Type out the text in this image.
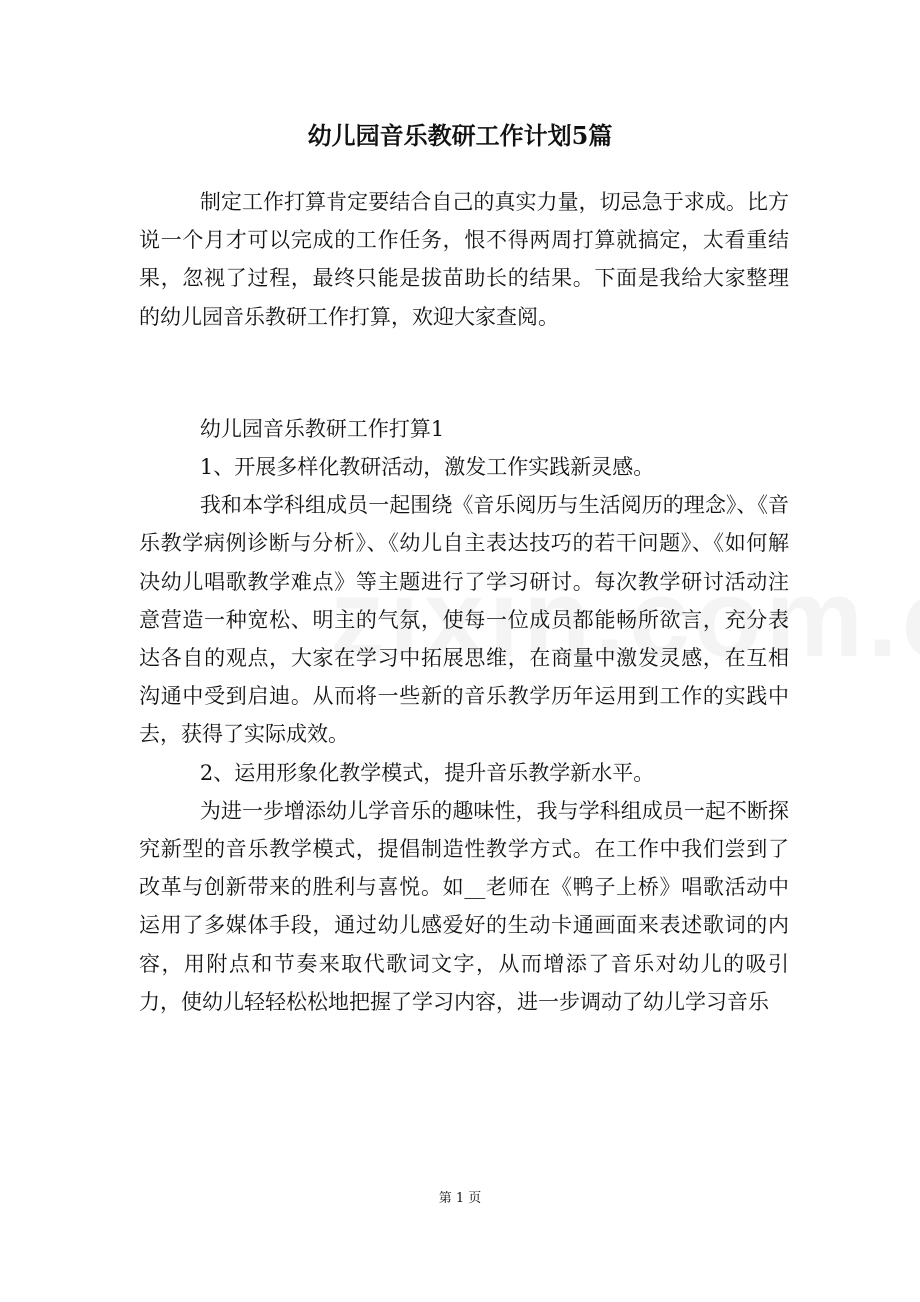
幼儿园音乐教研工作计划5篇

制定工作打算肯定要结合自己的真实力量，切忌急于求成。比方说一个月才可以完成的工作任务，恨不得两周打算就搞定，太看重结果，忽视了过程，最终只能是拔苗助长的结果。下面是我给大家整理的幼儿园音乐教研工作打算，欢迎大家查阅。

幼儿园音乐教研工作打算1

1、开展多样化教研活动，激发工作实践新灵感。

我和本学科组成员一起围绕《音乐阅历与生活阅历的理念》、《音乐教学病例诊断与分析》、《幼儿自主表达技巧的若干问题》、《如何解决幼儿唱歌教学难点》等主题进行了学习研讨。每次教学研讨活动注意营造一种宽松、明主的气氛，使每一位成员都能畅所欲言，充分表达各自的观点，大家在学习中拓展思维，在商量中激发灵感，在互相沟通中受到启迪。从而将一些新的音乐教学历年运用到工作的实践中去，获得了实际成效。

2、运用形象化教学模式，提升音乐教学新水平。

为进一步增添幼儿学音乐的趣味性，我与学科组成员一起不断探究新型的音乐教学模式，提倡制造性教学方式。在工作中我们尝到了改革与创新带来的胜利与喜悦。如__老师在《鸭子上桥》唱歌活动中运用了多媒体手段，通过幼儿感爱好的生动卡通画面来表述歌词的内容，用附点和节奏来取代歌词文字，从而增添了音乐对幼儿的吸引力，使幼儿轻轻松松地把握了学习内容，进一步调动了幼儿学习音乐

第 1 页
